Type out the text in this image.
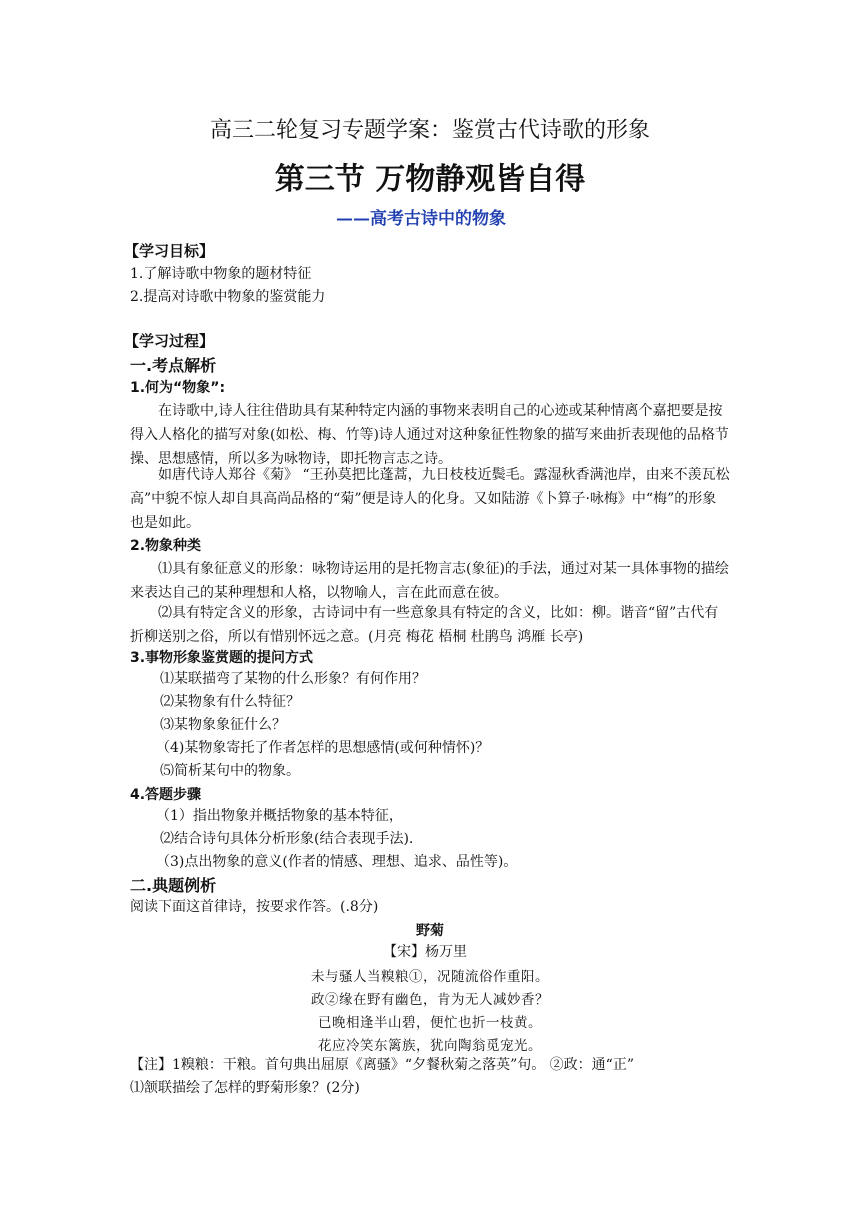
高三二轮复习专题学案：鉴赏古代诗歌的形象
第三节 万物静观皆自得
——高考古诗中的物象
【学习目标】
1.了解诗歌中物象的题材特征
2.提高对诗歌中物象的鉴赏能力
【学习过程】
一.考点解析
1.何为“物象”:
在诗歌中,诗人往往借助具有某种特定内涵的事物来表明自己的心迹或某种情离个嘉把要是按得入人格化的描写对象(如松、梅、竹等)诗人通过对这种象征性物象的描写来曲折表现他的品格节操、思想感情，所以多为咏物诗，即托物言志之诗。
如唐代诗人郑谷《菊》 “王孙莫把比蓬蒿，九日枝枝近鬓毛。露湿秋香满池岸，由来不羡瓦松高”中貌不惊人却自具高尚品格的“菊”便是诗人的化身。又如陆游《卜算子·咏梅》中“梅”的形象也是如此。
2.物象种类
⑴具有象征意义的形象：咏物诗运用的是托物言志(象征)的手法，通过对某一具体事物的描绘来表达自己的某种理想和人格，以物喻人，言在此而意在彼。
⑵具有特定含义的形象，古诗词中有一些意象具有特定的含义，比如：柳。谐音“留”古代有折柳送别之俗，所以有惜别怀远之意。(月亮 梅花 梧桐 杜鹃鸟 鸿雁 长亭)
3.事物形象鉴赏题的提问方式
⑴某联描弯了某物的什么形象？有何作用？
⑵某物象有什么特征？
⑶某物象象征什么？
（4)某物象寄托了作者怎样的思想感情(或何种情怀)？
⑸简析某句中的物象。
4.答题步骤
（1）指出物象并概括物象的基本特征，
⑵结合诗句具体分析形象(结合表现手法).
（3)点出物象的意义(作者的情感、理想、追求、品性等)。
二.典题例析
阅读下面这首律诗，按要求作答。(.8分)
野菊
【宋】杨万里
未与骚人当糗粮①，况随流俗作重阳。
政②缘在野有幽色，肯为无人减妙香？
已晚相逢半山碧，便忙也折一枝黄。
花应冷笑东篱族，犹向陶翁觅宠光。
【注】1糗粮：干粮。首句典出屈原《离骚》“夕餐秋菊之落英”句。 ②政：通“正”
⑴颔联描绘了怎样的野菊形象？(2分)
